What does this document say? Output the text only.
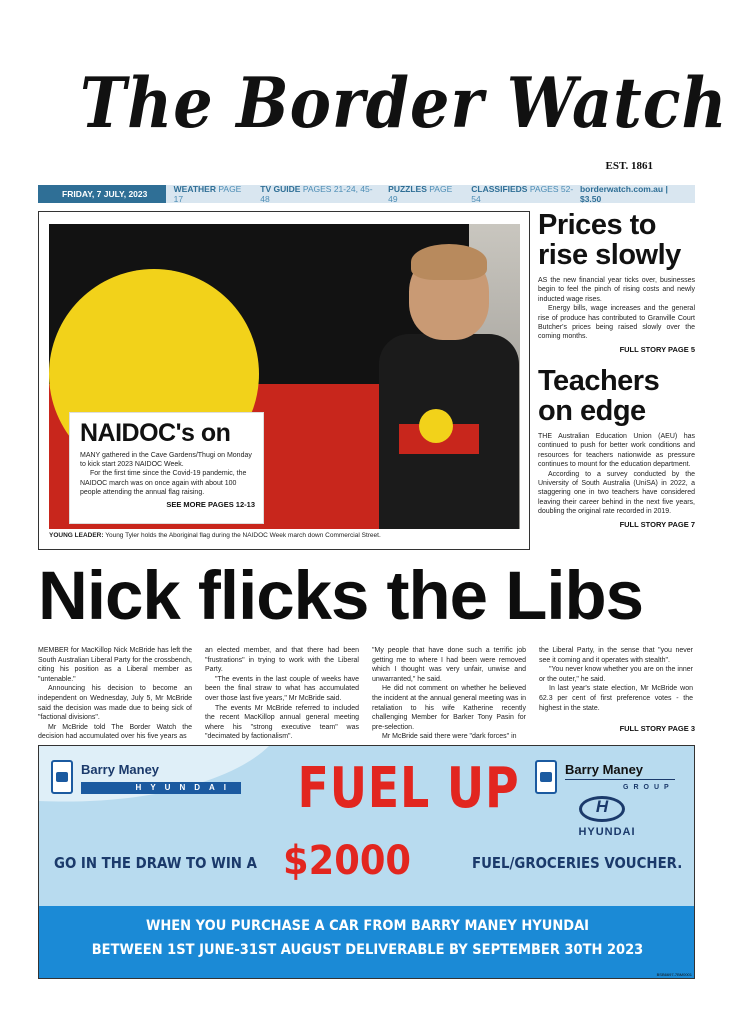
The Border Watch
EST. 1861
FRIDAY, 7 JULY, 2023	WEATHER PAGE 17
TV GUIDE PAGES 21-24, 45-48
PUZZLES PAGE 49
CLASSIFIEDS PAGES 52-54
borderwatch.com.au | $3.50
NAIDOC's on

MANY gathered in the Cave Gardens/Thugi on Monday to kick start 2023 NAIDOC Week.

For the first time since the Covid-19 pandemic, the NAIDOC march was on once again with about 100 people attending the annual flag raising.

SEE MORE PAGES 12-13
YOUNG LEADER: Young Tyler holds the Aboriginal flag during the NAIDOC Week march down Commercial Street.
Prices to rise slowly

AS the new financial year ticks over, businesses begin to feel the pinch of rising costs and newly inducted wage rises.

Energy bills, wage increases and the general rise of produce has contributed to Granville Court Butcher's prices being raised slowly over the coming months.

FULL STORY PAGE 5
Teachers on edge

THE Australian Education Union (AEU) has continued to push for better work conditions and resources for teachers nationwide as pressure continues to mount for the education department.

According to a survey conducted by the University of South Australia (UniSA) in 2022, a staggering one in two teachers have considered leaving their career behind in the next five years, doubling the original rate recorded in 2019.

FULL STORY PAGE 7
Nick flicks the Libs

MEMBER for MacKillop Nick McBride has left the South Australian Liberal Party for the crossbench, citing his position as a Liberal member as "untenable."

Announcing his decision to become an independent on Wednesday, July 5, Mr McBride said the decision was made due to being sick of "factional divisions".

Mr McBride told The Border Watch the decision had accumulated over his five years as

an elected member, and that there had been "frustrations" in trying to work with the Liberal Party.

"The events in the last couple of weeks have been the final straw to what has accumulated over those last five years," Mr McBride said.

The events Mr McBride referred to included the recent MacKillop annual general meeting where his "strong executive team" was "decimated by factionalism".

"My people that have done such a terrific job getting me to where I had been were removed which I thought was very unfair, unwise and unwarranted," he said.

He did not comment on whether he believed the incident at the annual general meeting was in retaliation to his wife Katherine recently challenging Member for Barker Tony Pasin for pre-selection.

Mr McBride said there were "dark forces" in

the Liberal Party, in the sense that "you never see it coming and it operates with stealth".

"You never know whether you are on the inner or the outer," he said.

In last year's state election, Mr McBride won 62.3 per cent of first preference votes - the highest in the state.

FULL STORY PAGE 3
Barry Maney
HYUNDAI FUEL UP	Barry Maney
GROUP
H
HYUNDAI
GO IN THE DRAW TO WIN A $2000	FUEL/GROCERIES VOUCHER.
WHEN YOU PURCHASE A CAR FROM BARRY MANEY HYUNDAI
BETWEEN 1ST JUNE-31ST AUGUST DELIVERABLE BY SEPTEMBER 30TH 2023
BSB6697-7BM0001
